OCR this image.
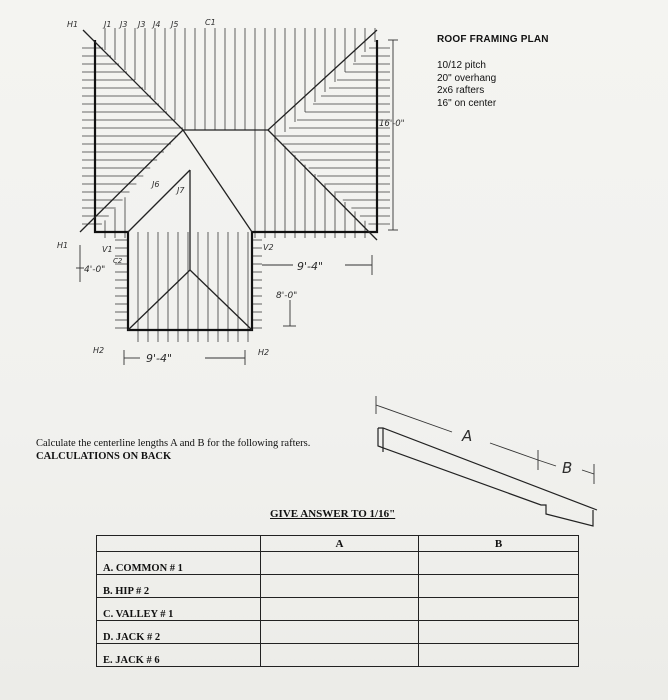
H1	J1 J3 J3 J4 J5	C1
16'-0"
J6
J7
H1	V1
C2
4'-0"
V2
9'-4"
8'-0"
H2
9'-4"	H2
A
B
ROOF FRAMING PLAN
10/12 pitch
20" overhang
2x6 rafters
16" on center
Calculate the centerline lengths A and B for the following rafters.
CALCULATIONS ON BACK
GIVE ANSWER TO 1/16"
	A	B
A. COMMON # 1		
B. HIP # 2		
C. VALLEY # 1		
D. JACK # 2		
E. JACK # 6		
